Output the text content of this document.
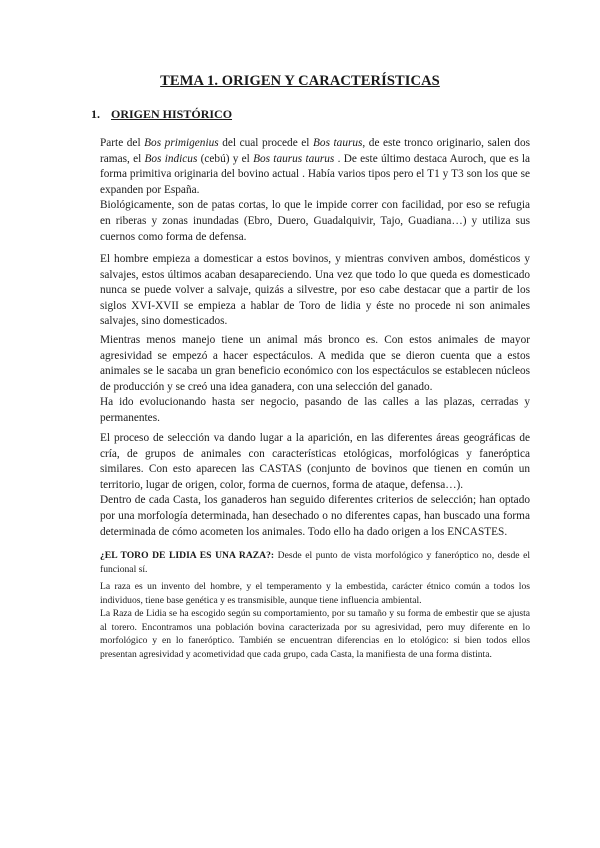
TEMA 1. ORIGEN Y CARACTERÍSTICAS
1. ORIGEN HISTÓRICO

Parte del Bos primigenius del cual procede el Bos taurus, de este tronco originario, salen dos ramas, el Bos indicus (cebú) y el Bos taurus taurus . De este último destaca Auroch, que es la forma primitiva originaria del bovino actual . Había varios tipos pero el T1 y T3 son los que se expanden por España.

Biológicamente, son de patas cortas, lo que le impide correr con facilidad, por eso se refugia en riberas y zonas inundadas (Ebro, Duero, Guadalquivir, Tajo, Guadiana…) y utiliza sus cuernos como forma de defensa.

El hombre empieza a domesticar a estos bovinos, y mientras conviven ambos, domésticos y salvajes, estos últimos acaban desapareciendo. Una vez que todo lo que queda es domesticado nunca se puede volver a salvaje, quizás a silvestre, por eso cabe destacar que a partir de los siglos XVI-XVII se empieza a hablar de Toro de lidia y éste no procede ni son animales salvajes, sino domesticados.

Mientras menos manejo tiene un animal más bronco es. Con estos animales de mayor agresividad se empezó a hacer espectáculos. A medida que se dieron cuenta que a estos animales se le sacaba un gran beneficio económico con los espectáculos se establecen núcleos de producción y se creó una idea ganadera, con una selección del ganado.

Ha ido evolucionando hasta ser negocio, pasando de las calles a las plazas, cerradas y permanentes.

El proceso de selección va dando lugar a la aparición, en las diferentes áreas geográficas de cría, de grupos de animales con características etológicas, morfológicas y faneróptica similares. Con esto aparecen las CASTAS (conjunto de bovinos que tienen en común un territorio, lugar de origen, color, forma de cuernos, forma de ataque, defensa…).

Dentro de cada Casta, los ganaderos han seguido diferentes criterios de selección; han optado por una morfología determinada, han desechado o no diferentes capas, han buscado una forma determinada de cómo acometen los animales. Todo ello ha dado origen a los ENCASTES.

¿EL TORO DE LIDIA ES UNA RAZA?: Desde el punto de vista morfológico y faneróptico no, desde el funcional sí.

La raza es un invento del hombre, y el temperamento y la embestida, carácter étnico común a todos los individuos, tiene base genética y es transmisible, aunque tiene influencia ambiental.

La Raza de Lidia se ha escogido según su comportamiento, por su tamaño y su forma de embestir que se ajusta al torero. Encontramos una población bovina caracterizada por su agresividad, pero muy diferente en lo morfológico y en lo faneróptico. También se encuentran diferencias en lo etológico: si bien todos ellos presentan agresividad y acometividad que cada grupo, cada Casta, la manifiesta de una forma distinta.
